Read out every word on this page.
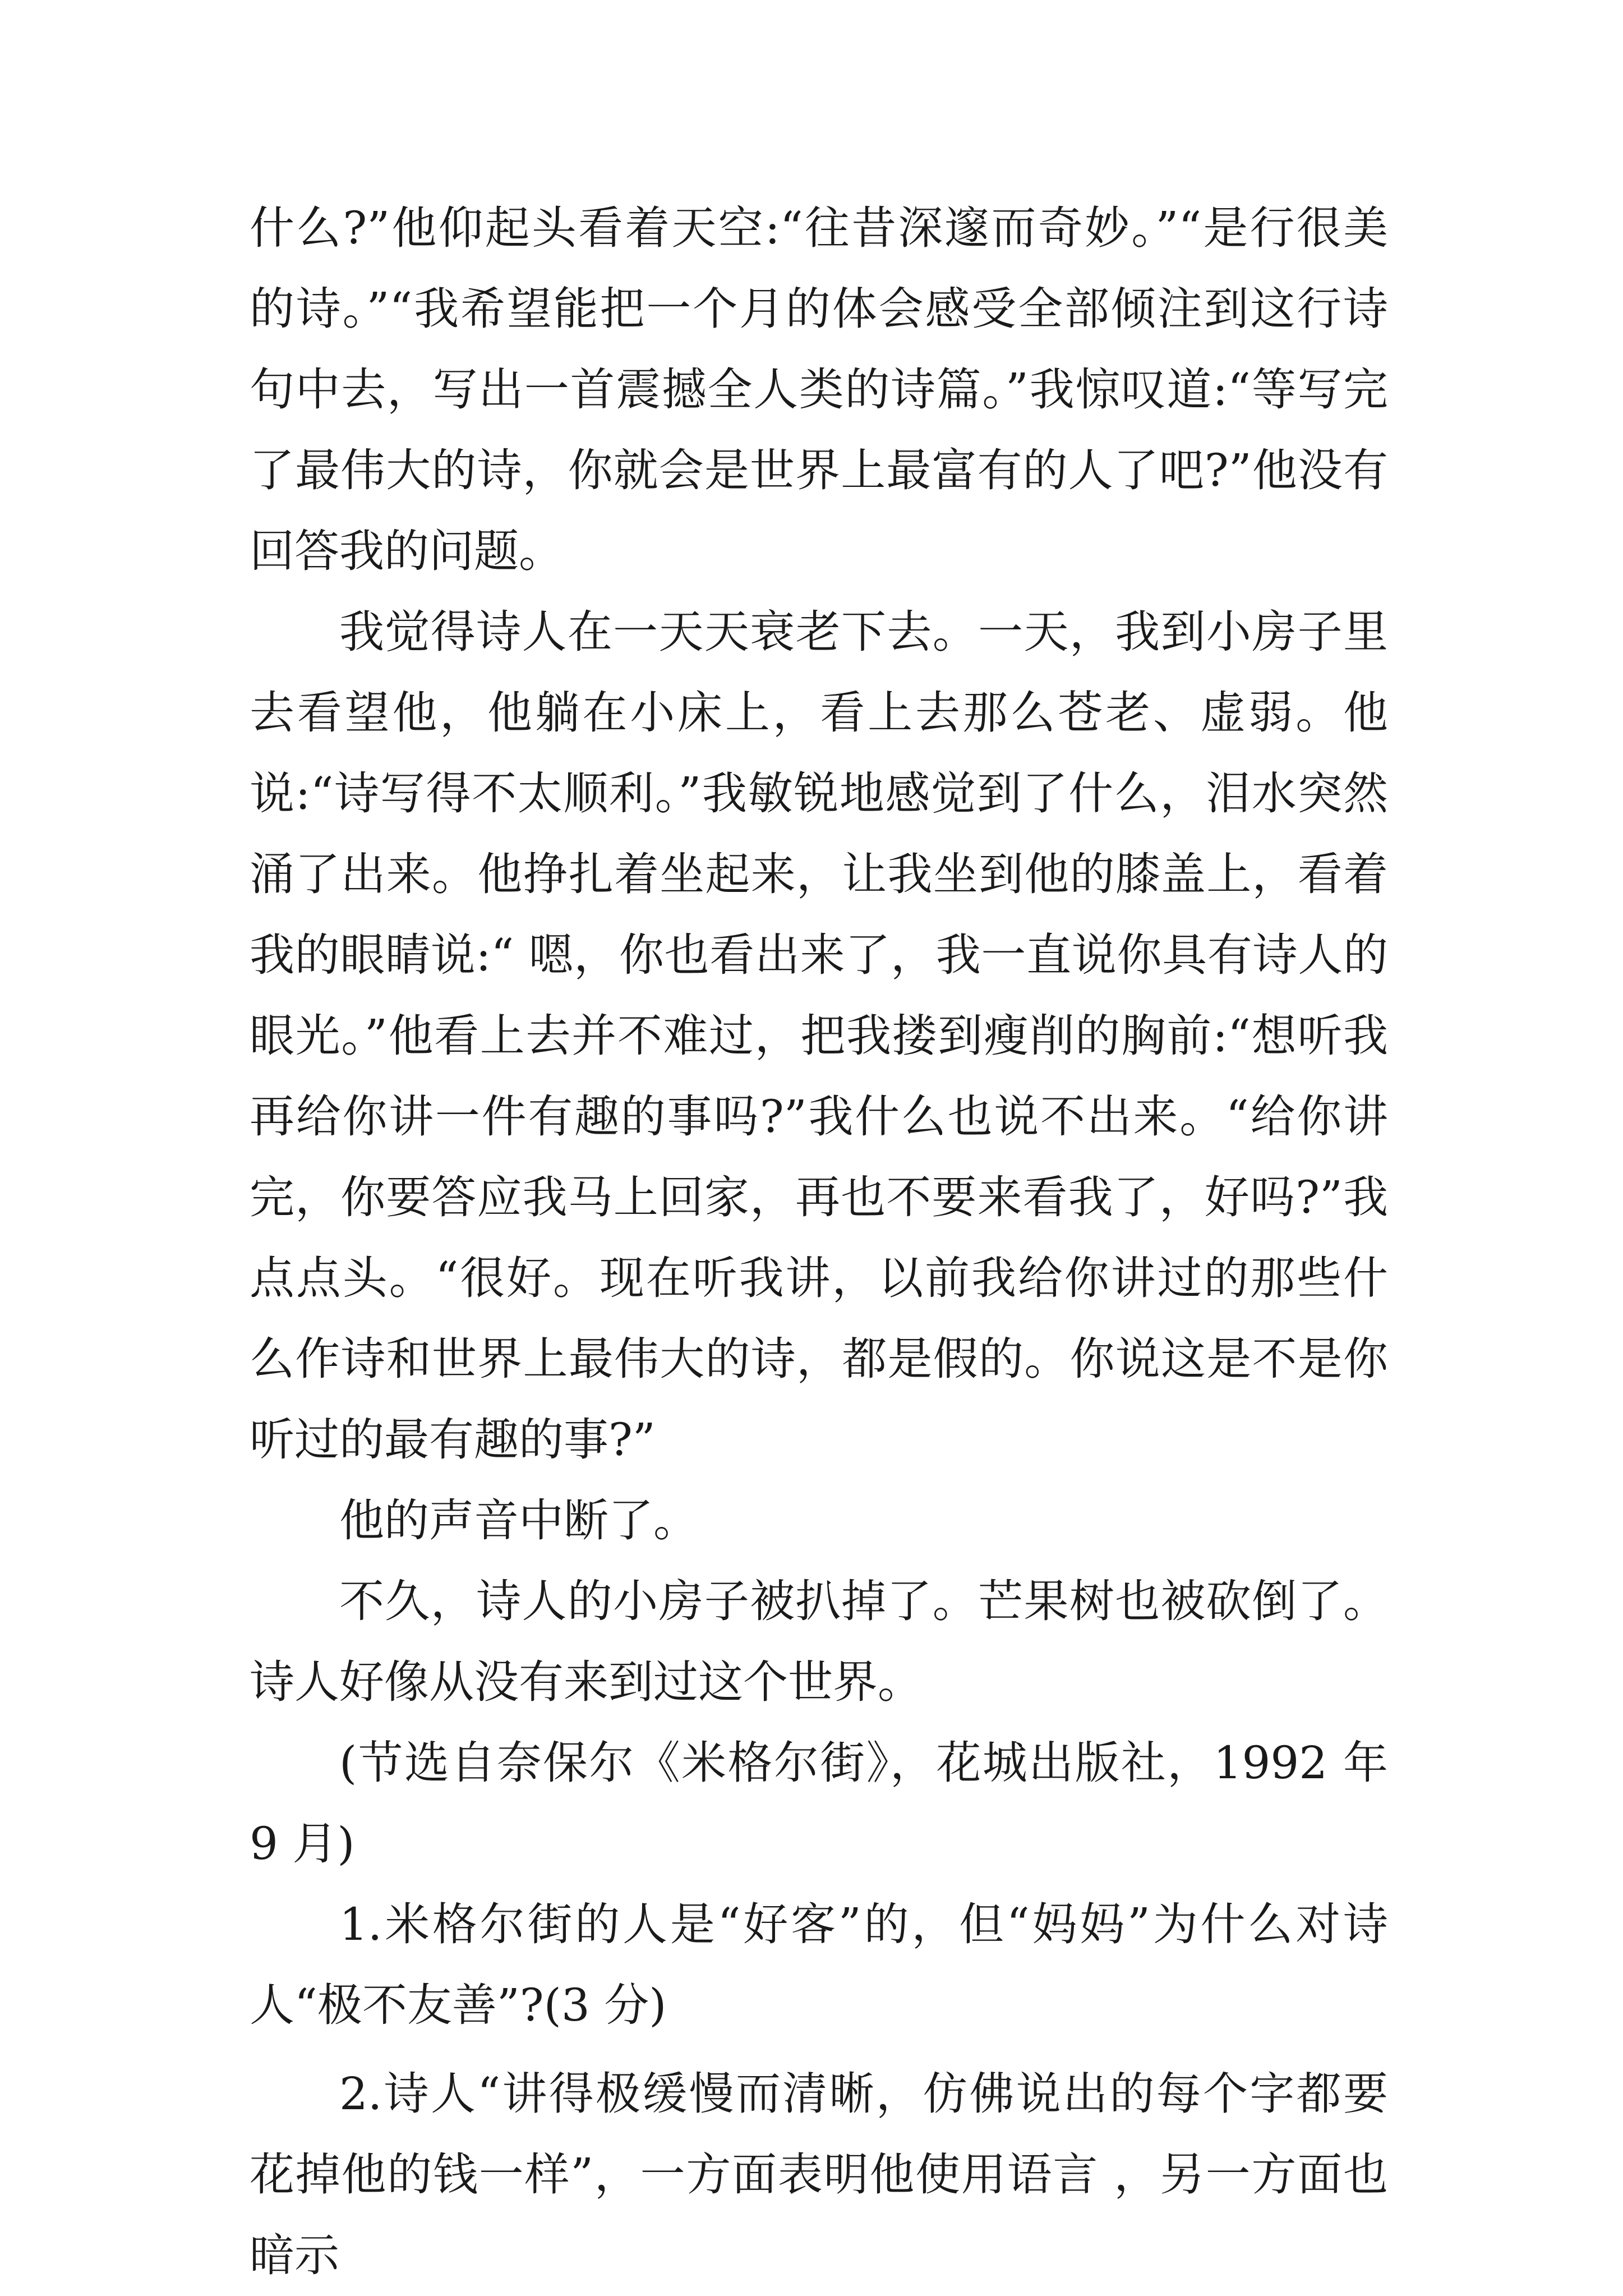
什么?”他仰起头看着天空:“往昔深邃而奇妙。”“是行很美的诗。”“我希望能把一个月的体会感受全部倾注到这行诗句中去，写出一首震撼全人类的诗篇。”我惊叹道:“等写完了最伟大的诗，你就会是世界上最富有的人了吧?”他没有回答我的问题。

我觉得诗人在一天天衰老下去。一天，我到小房子里去看望他，他躺在小床上，看上去那么苍老、虚弱。他说:“诗写得不太顺利。”我敏锐地感觉到了什么，泪水突然涌了出来。他挣扎着坐起来，让我坐到他的膝盖上，看着我的眼睛说:“ 嗯，你也看出来了，我一直说你具有诗人的眼光。”他看上去并不难过，把我搂到瘦削的胸前:“想听我再给你讲一件有趣的事吗?”我什么也说不出来。“给你讲完，你要答应我马上回家，再也不要来看我了，好吗?”我点点头。“很好。现在听我讲，以前我给你讲过的那些什么作诗和世界上最伟大的诗，都是假的。你说这是不是你听过的最有趣的事?”

他的声音中断了。

不久，诗人的小房子被扒掉了。芒果树也被砍倒了。诗人好像从没有来到过这个世界。

(节选自奈保尔《米格尔街》，花城出版社，1992 年 9 月)

1.米格尔街的人是“好客”的，但“妈妈”为什么对诗人“极不友善”?(3 分)

2.诗人“讲得极缓慢而清晰，仿佛说出的每个字都要花掉他的钱一样”，一方面表明他使用语言 ，另一方面也暗示
